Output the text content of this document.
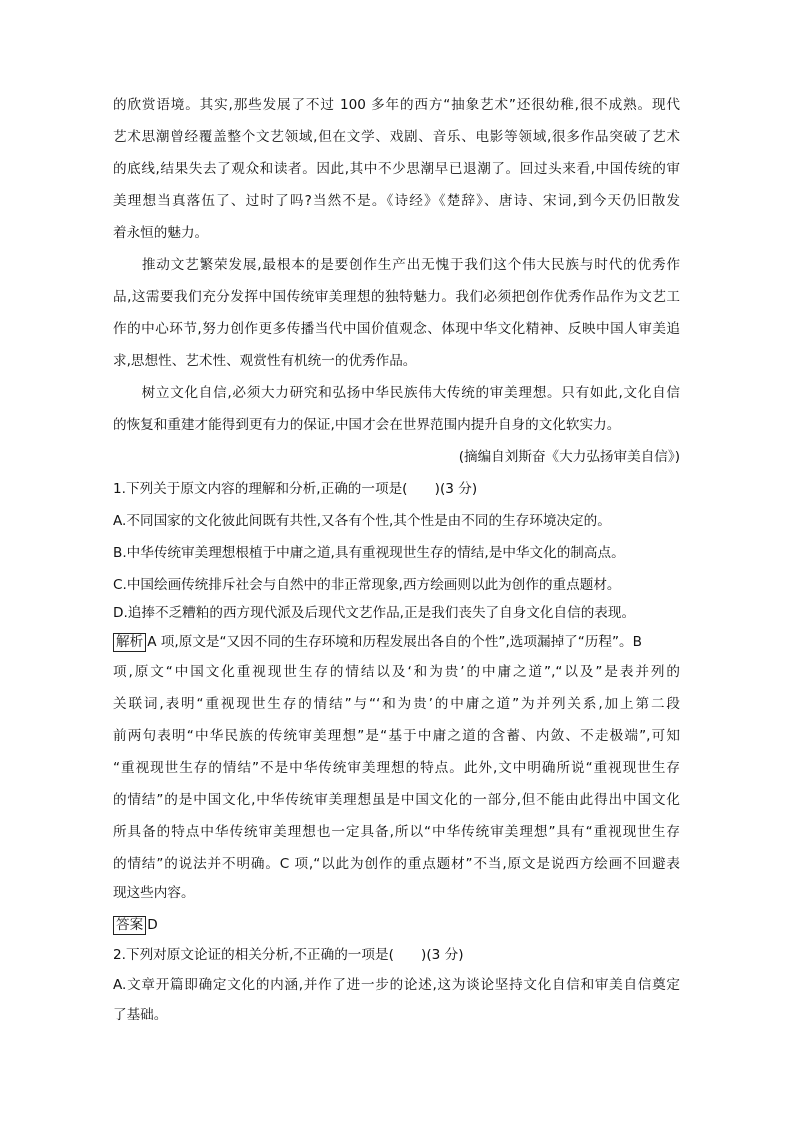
的欣赏语境。其实,那些发展了不过 100 多年的西方“抽象艺术”还很幼稚,很不成熟。现代
艺术思潮曾经覆盖整个文艺领域,但在文学、戏剧、音乐、电影等领域,很多作品突破了艺术
的底线,结果失去了观众和读者。因此,其中不少思潮早已退潮了。回过头来看,中国传统的审
美理想当真落伍了、过时了吗?当然不是。《诗经》《楚辞》、唐诗、宋词,到今天仍旧散发
着永恒的魅力。
　　推动文艺繁荣发展,最根本的是要创作生产出无愧于我们这个伟大民族与时代的优秀作
品,这需要我们充分发挥中国传统审美理想的独特魅力。我们必须把创作优秀作品作为文艺工
作的中心环节,努力创作更多传播当代中国价值观念、体现中华文化精神、反映中国人审美追
求,思想性、艺术性、观赏性有机统一的优秀作品。
　　树立文化自信,必须大力研究和弘扬中华民族伟大传统的审美理想。只有如此,文化自信
的恢复和重建才能得到更有力的保证,中国才会在世界范围内提升自身的文化软实力。
(摘编自刘斯奋《大力弘扬审美自信》)
1.下列关于原文内容的理解和分析,正确的一项是(　　)(3 分)
A.不同国家的文化彼此间既有共性,又各有个性,其个性是由不同的生存环境决定的。
B.中华传统审美理想根植于中庸之道,具有重视现世生存的情结,是中华文化的制高点。
C.中国绘画传统排斥社会与自然中的非正常现象,西方绘画则以此为创作的重点题材。
D.追捧不乏糟粕的西方现代派及后现代文艺作品,正是我们丧失了自身文化自信的表现。
解析 A 项,原文是“又因不同的生存环境和历程发展出各自的个性”,选项漏掉了“历程”。B
项,原文“中国文化重视现世生存的情结以及‘和为贵’的中庸之道”,“以及”是表并列的
关联词,表明“重视现世生存的情结”与“‘和为贵’的中庸之道”为并列关系,加上第二段
前两句表明“中华民族的传统审美理想”是“基于中庸之道的含蓄、内敛、不走极端”,可知
“重视现世生存的情结”不是中华传统审美理想的特点。此外,文中明确所说“重视现世生存
的情结”的是中国文化,中华传统审美理想虽是中国文化的一部分,但不能由此得出中国文化
所具备的特点中华传统审美理想也一定具备,所以“中华传统审美理想”具有“重视现世生存
的情结”的说法并不明确。C 项,“以此为创作的重点题材”不当,原文是说西方绘画不回避表
现这些内容。
答案 D
2.下列对原文论证的相关分析,不正确的一项是(　　)(3 分)
A.文章开篇即确定文化的内涵,并作了进一步的论述,这为谈论坚持文化自信和审美自信奠定
了基础。
